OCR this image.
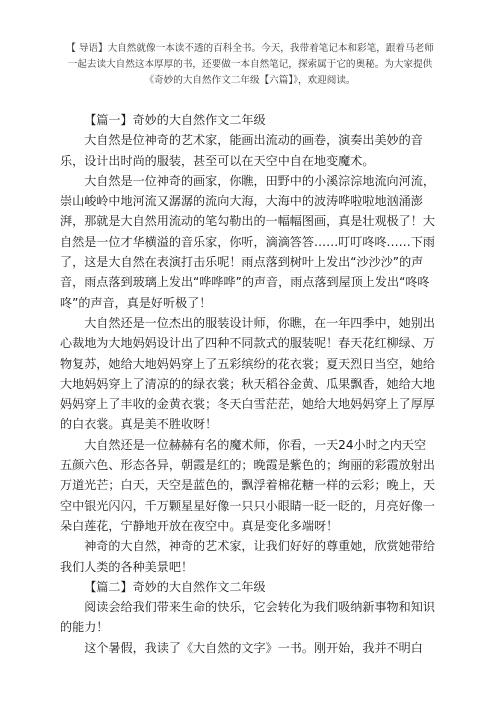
【 导语】大自然就像一本读不透的百科全书。今天，我带着笔记本和彩笔，跟着马老师一起去读大自然这本厚厚的书，还要做一本自然笔记，探索属于它的奥秘。为大家提供《奇妙的大自然作文二年级【六篇】》，欢迎阅读。

【篇一】奇妙的大自然作文二年级

大自然是位神奇的艺术家，能画出流动的画卷，演奏出美妙的音乐，设计出时尚的服装，甚至可以在天空中自在地变魔术。

大自然是一位神奇的画家，你瞧，田野中的小溪淙淙地流向河流，崇山峻岭中地河流又潺潺的流向大海，大海中的波涛哗啦啦地汹涌澎湃，那就是大自然用流动的笔勾勒出的一幅幅图画，真是壮观极了！大自然是一位才华横溢的音乐家，你听，滴滴答答……叮叮咚咚……下雨了，这是大自然在表演打击乐呢！雨点落到树叶上发出“沙沙沙”的声音，雨点落到玻璃上发出“哗哗哗”的声音，雨点落到屋顶上发出“咚咚咚”的声音，真是好听极了！

大自然还是一位杰出的服装设计师，你瞧，在一年四季中，她别出心裁地为大地妈妈设计出了四种不同款式的服装呢！春天花红柳绿、万物复苏，她给大地妈妈穿上了五彩缤纷的花衣裳；夏天烈日当空，她给大地妈妈穿上了清凉的的绿衣裳；秋天稻谷金黄、瓜果飘香，她给大地妈妈穿上了丰收的金黄衣裳；冬天白雪茫茫，她给大地妈妈穿上了厚厚的白衣裳。真是美不胜收呀！

大自然还是一位赫赫有名的魔术师，你看，一天24小时之内天空五颜六色、形态各异，朝霞是红的；晚霞是紫色的；绚丽的彩霞放射出万道光芒；白天，天空是蓝色的，飘浮着棉花糖一样的云彩；晚上，天空中银光闪闪，千万颗星星好像一只只小眼睛一眨一眨的，月亮好像一朵白莲花，宁静地开放在夜空中。真是变化多端呀！

神奇的大自然，神奇的艺术家，让我们好好的尊重她，欣赏她带给我们人类的各种美景吧！

【篇二】奇妙的大自然作文二年级

阅读会给我们带来生命的快乐，它会转化为我们吸纳新事物和知识的能力！

这个暑假，我读了《大自然的文字》一书。刚开始，我并不明白
